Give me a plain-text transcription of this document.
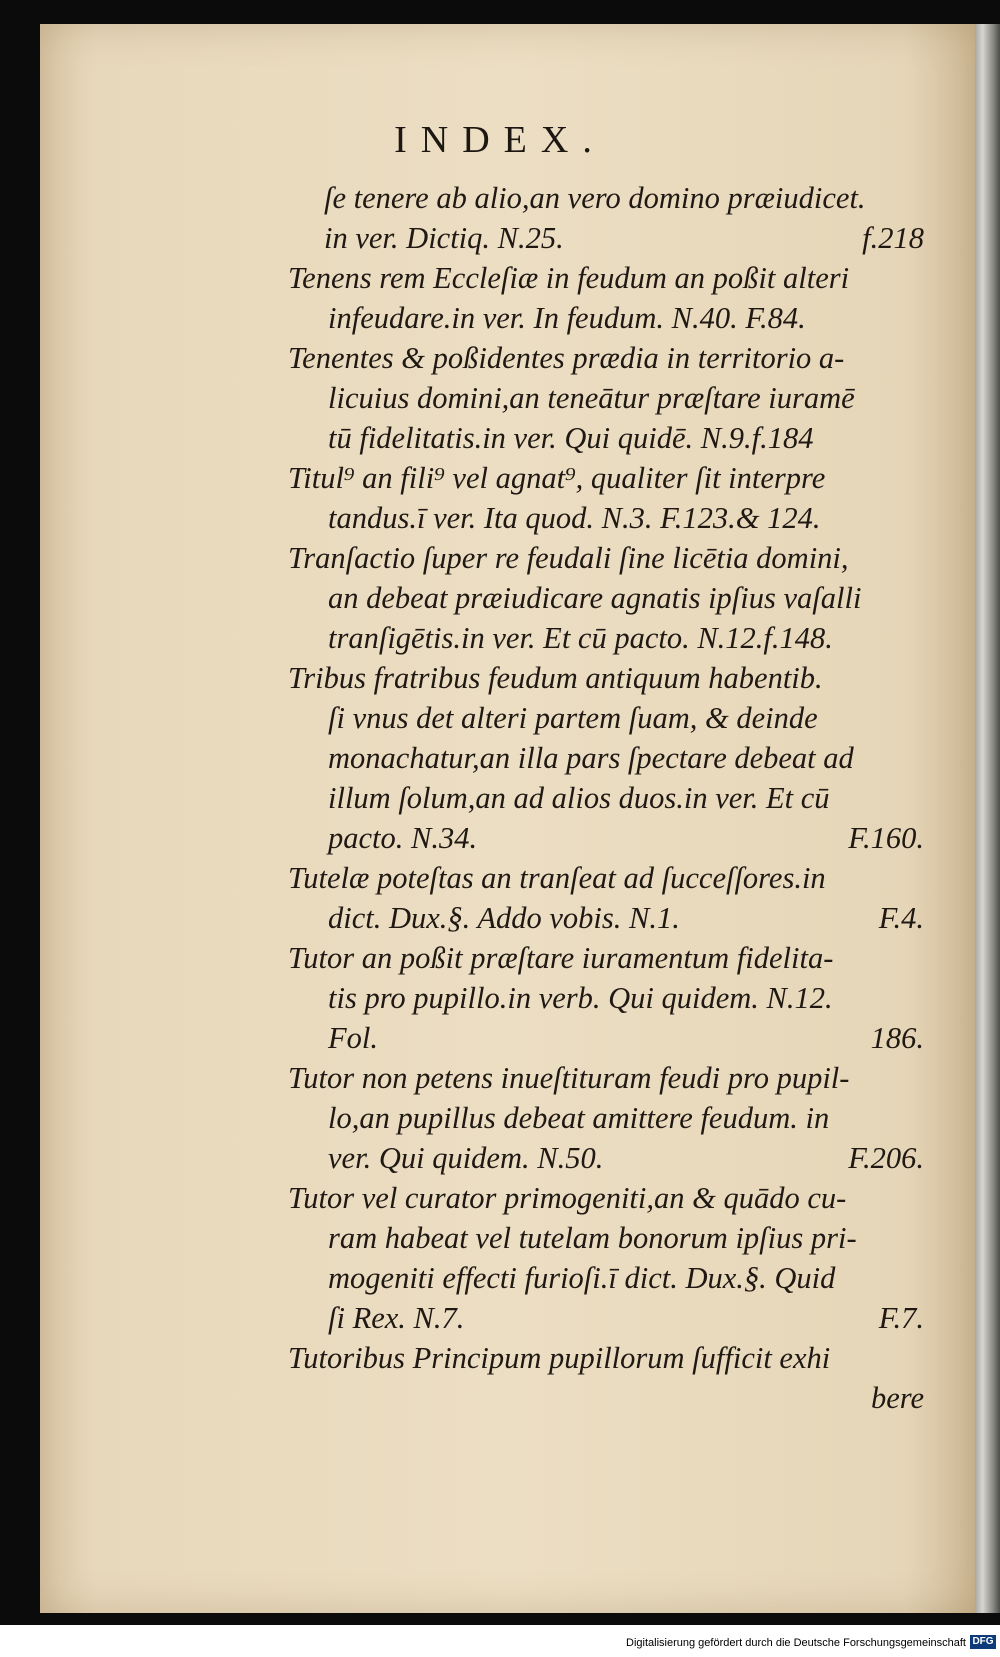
INDEX.
ſe tenere ab alio,an vero domino præiudicet.
in ver. Dictiq. N.25.	f.218
Tenens rem Eccleſiæ in feudum an poßit alteri
infeudare.in ver. In feudum. N.40. F.84.
Tenentes & poßidentes prædia in territorio a-
licuius domini,an teneātur præſtare iuramē
tū fidelitatis.in ver. Qui quidē. N.9.f.184
Titul⁹ an fili⁹ vel agnat⁹, qualiter ſit interpre
tandus.ī ver. Ita quod. N.3. F.123.& 124.
Tranſactio ſuper re feudali ſine licētia domini,
an debeat præiudicare agnatis ipſius vaſalli
tranſigētis.in ver. Et cū pacto. N.12.f.148.
Tribus fratribus feudum antiquum habentib.
ſi vnus det alteri partem ſuam, & deinde
monachatur,an illa pars ſpectare debeat ad
illum ſolum,an ad alios duos.in ver. Et cū
pacto. N.34.	F.160.
Tutelæ poteſtas an tranſeat ad ſucceſſores.in
dict. Dux.§. Addo vobis. N.1.	F.4.
Tutor an poßit præſtare iuramentum fidelita-
tis pro pupillo.in verb. Qui quidem. N.12.
Fol.	186.
Tutor non petens inueſtituram feudi pro pupil-
lo,an pupillus debeat amittere feudum. in
ver. Qui quidem. N.50.	F.206.
Tutor vel curator primogeniti,an & quādo cu-
ram habeat vel tutelam bonorum ipſius pri-
mogeniti effecti furioſi.ī dict. Dux.§. Quid
ſi Rex. N.7.	F.7.
Tutoribus Principum pupillorum ſufficit exhi
bere
Digitalisierung gefördert durch die Deutsche Forschungsgemeinschaft DFG
